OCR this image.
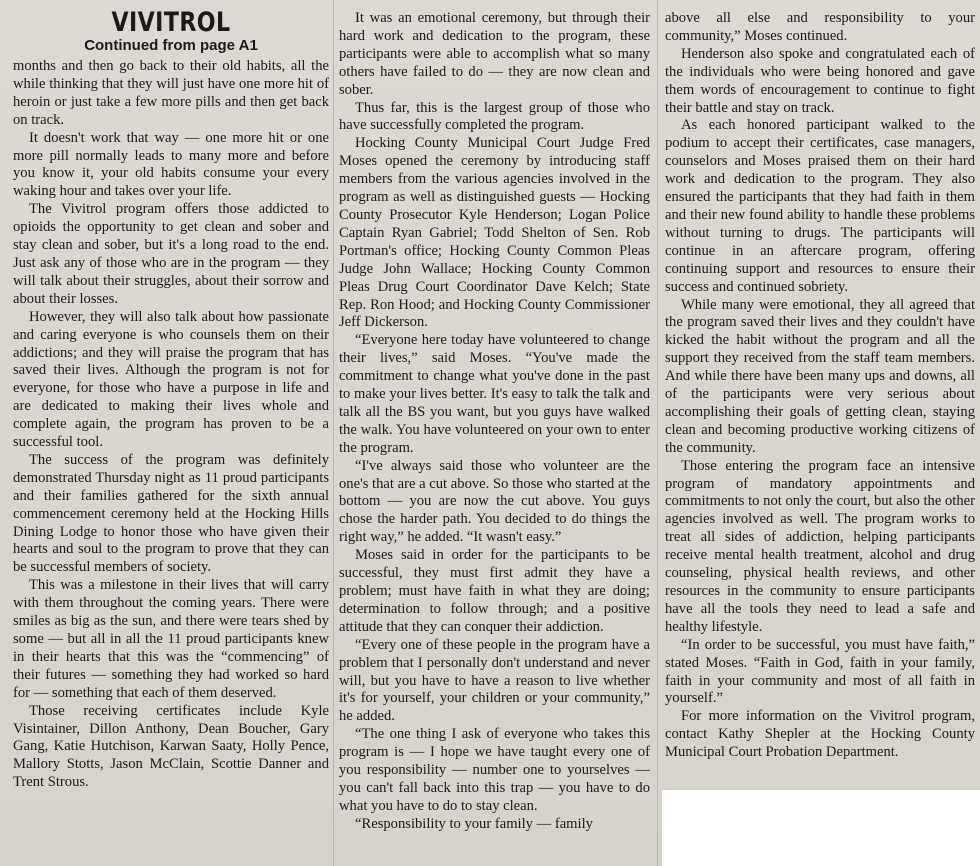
VIVITROL
Continued from page A1

months and then go back to their old habits, all the while thinking that they will just have one more hit of heroin or just take a few more pills and then get back on track.

It doesn't work that way — one more hit or one more pill normally leads to many more and before you know it, your old habits consume your every waking hour and takes over your life.

The Vivitrol program offers those addicted to opioids the opportunity to get clean and sober and stay clean and sober, but it's a long road to the end. Just ask any of those who are in the program — they will talk about their struggles, about their sorrow and about their losses.

However, they will also talk about how passionate and caring everyone is who counsels them on their addictions; and they will praise the program that has saved their lives. Although the program is not for everyone, for those who have a purpose in life and are dedicated to making their lives whole and complete again, the program has proven to be a successful tool.

The success of the program was definitely demonstrated Thursday night as 11 proud participants and their families gathered for the sixth annual commencement ceremony held at the Hocking Hills Dining Lodge to honor those who have given their hearts and soul to the program to prove that they can be successful members of society.

This was a milestone in their lives that will carry with them throughout the coming years. There were smiles as big as the sun, and there were tears shed by some — but all in all the 11 proud participants knew in their hearts that this was the “commencing” of their futures — something they had worked so hard for — something that each of them deserved.

Those receiving certificates include Kyle Visintainer, Dillon Anthony, Dean Boucher, Gary Gang, Katie Hutchison, Karwan Saaty, Holly Pence, Mallory Stotts, Jason McClain, Scottie Danner and Trent Strous.

It was an emotional ceremony, but through their hard work and dedication to the program, these participants were able to accomplish what so many others have failed to do — they are now clean and sober.

Thus far, this is the largest group of those who have successfully completed the program.

Hocking County Municipal Court Judge Fred Moses opened the ceremony by introducing staff members from the various agencies involved in the program as well as distinguished guests — Hocking County Prosecutor Kyle Henderson; Logan Police Captain Ryan Gabriel; Todd Shelton of Sen. Rob Portman's office; Hocking County Common Pleas Judge John Wallace; Hocking County Common Pleas Drug Court Coordinator Dave Kelch; State Rep. Ron Hood; and Hocking County Commissioner Jeff Dickerson.

“Everyone here today have volunteered to change their lives,” said Moses. “You've made the commitment to change what you've done in the past to make your lives better. It's easy to talk the talk and talk all the BS you want, but you guys have walked the walk. You have volunteered on your own to enter the program.

“I've always said those who volunteer are the one's that are a cut above. So those who started at the bottom — you are now the cut above. You guys chose the harder path. You decided to do things the right way,” he added. “It wasn't easy.”

Moses said in order for the participants to be successful, they must first admit they have a problem; must have faith in what they are doing; determination to follow through; and a positive attitude that they can conquer their addiction.

“Every one of these people in the program have a problem that I personally don't understand and never will, but you have to have a reason to live whether it's for yourself, your children or your community,” he added.

“The one thing I ask of everyone who takes this program is — I hope we have taught every one of you responsibility — number one to yourselves — you can't fall back into this trap — you have to do what you have to do to stay clean.

“Responsibility to your family — family

above all else and responsibility to your community,” Moses continued.

Henderson also spoke and congratulated each of the individuals who were being honored and gave them words of encouragement to continue to fight their battle and stay on track.

As each honored participant walked to the podium to accept their certificates, case managers, counselors and Moses praised them on their hard work and dedication to the program. They also ensured the participants that they had faith in them and their new found ability to handle these problems without turning to drugs. The participants will continue in an aftercare program, offering continuing support and resources to ensure their success and continued sobriety.

While many were emotional, they all agreed that the program saved their lives and they couldn't have kicked the habit without the program and all the support they received from the staff team members. And while there have been many ups and downs, all of the participants were very serious about accomplishing their goals of getting clean, staying clean and becoming productive working citizens of the community.

Those entering the program face an intensive program of mandatory appointments and commitments to not only the court, but also the other agencies involved as well. The program works to treat all sides of addiction, helping participants receive mental health treatment, alcohol and drug counseling, physical health reviews, and other resources in the community to ensure participants have all the tools they need to lead a safe and healthy lifestyle.

“In order to be successful, you must have faith,” stated Moses. “Faith in God, faith in your family, faith in your community and most of all faith in yourself.”

For more information on the Vivitrol program, contact Kathy Shepler at the Hocking County Municipal Court Probation Department.
